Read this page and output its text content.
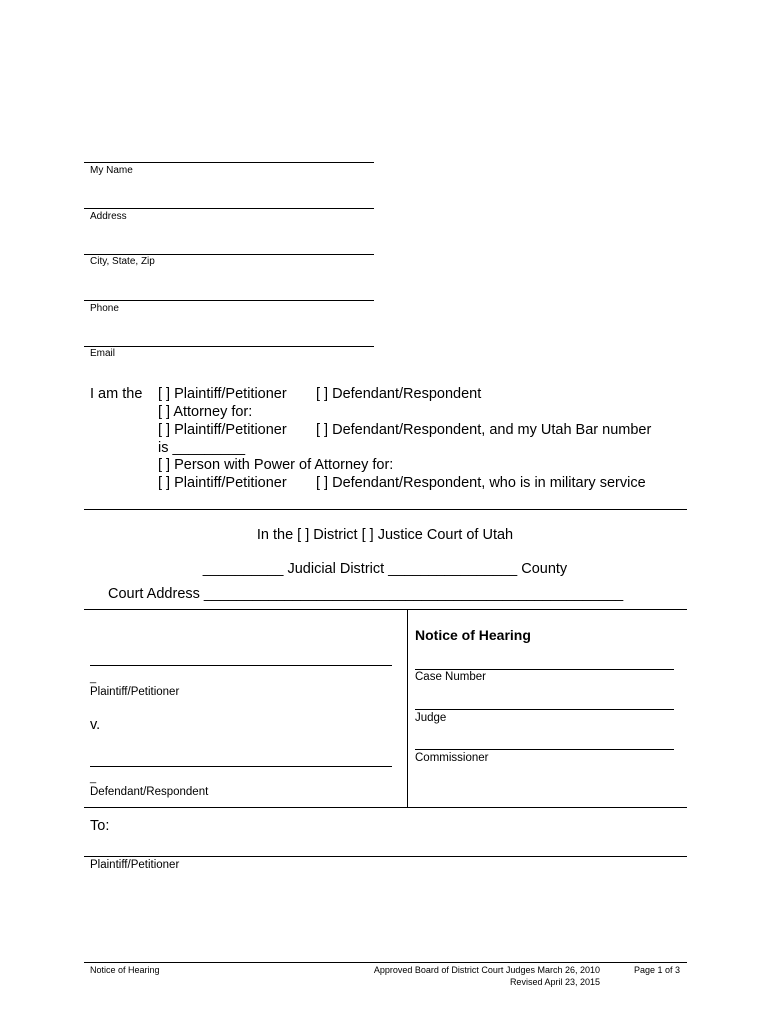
My Name
Address
City, State, Zip
Phone
Email
I am the [ ] Plaintiff/Petitioner [ ] Defendant/Respondent
[ ] Attorney for:
[ ] Plaintiff/Petitioner [ ] Defendant/Respondent, and my Utah Bar number
is _________
[ ] Person with Power of Attorney for:
[ ] Plaintiff/Petitioner [ ] Defendant/Respondent, who is in military service
In the [ ] District [ ] Justice Court of Utah
__________ Judicial District ________________ County
Court Address ____________________________________________________
_
Plaintiff/Petitioner
v.
_
Defendant/Respondent
Notice of Hearing
Case Number
Judge
Commissioner
To:
Plaintiff/Petitioner
Notice of Hearing	Approved Board of District Court Judges March 26, 2010
Revised April 23, 2015
Page 1 of 3
